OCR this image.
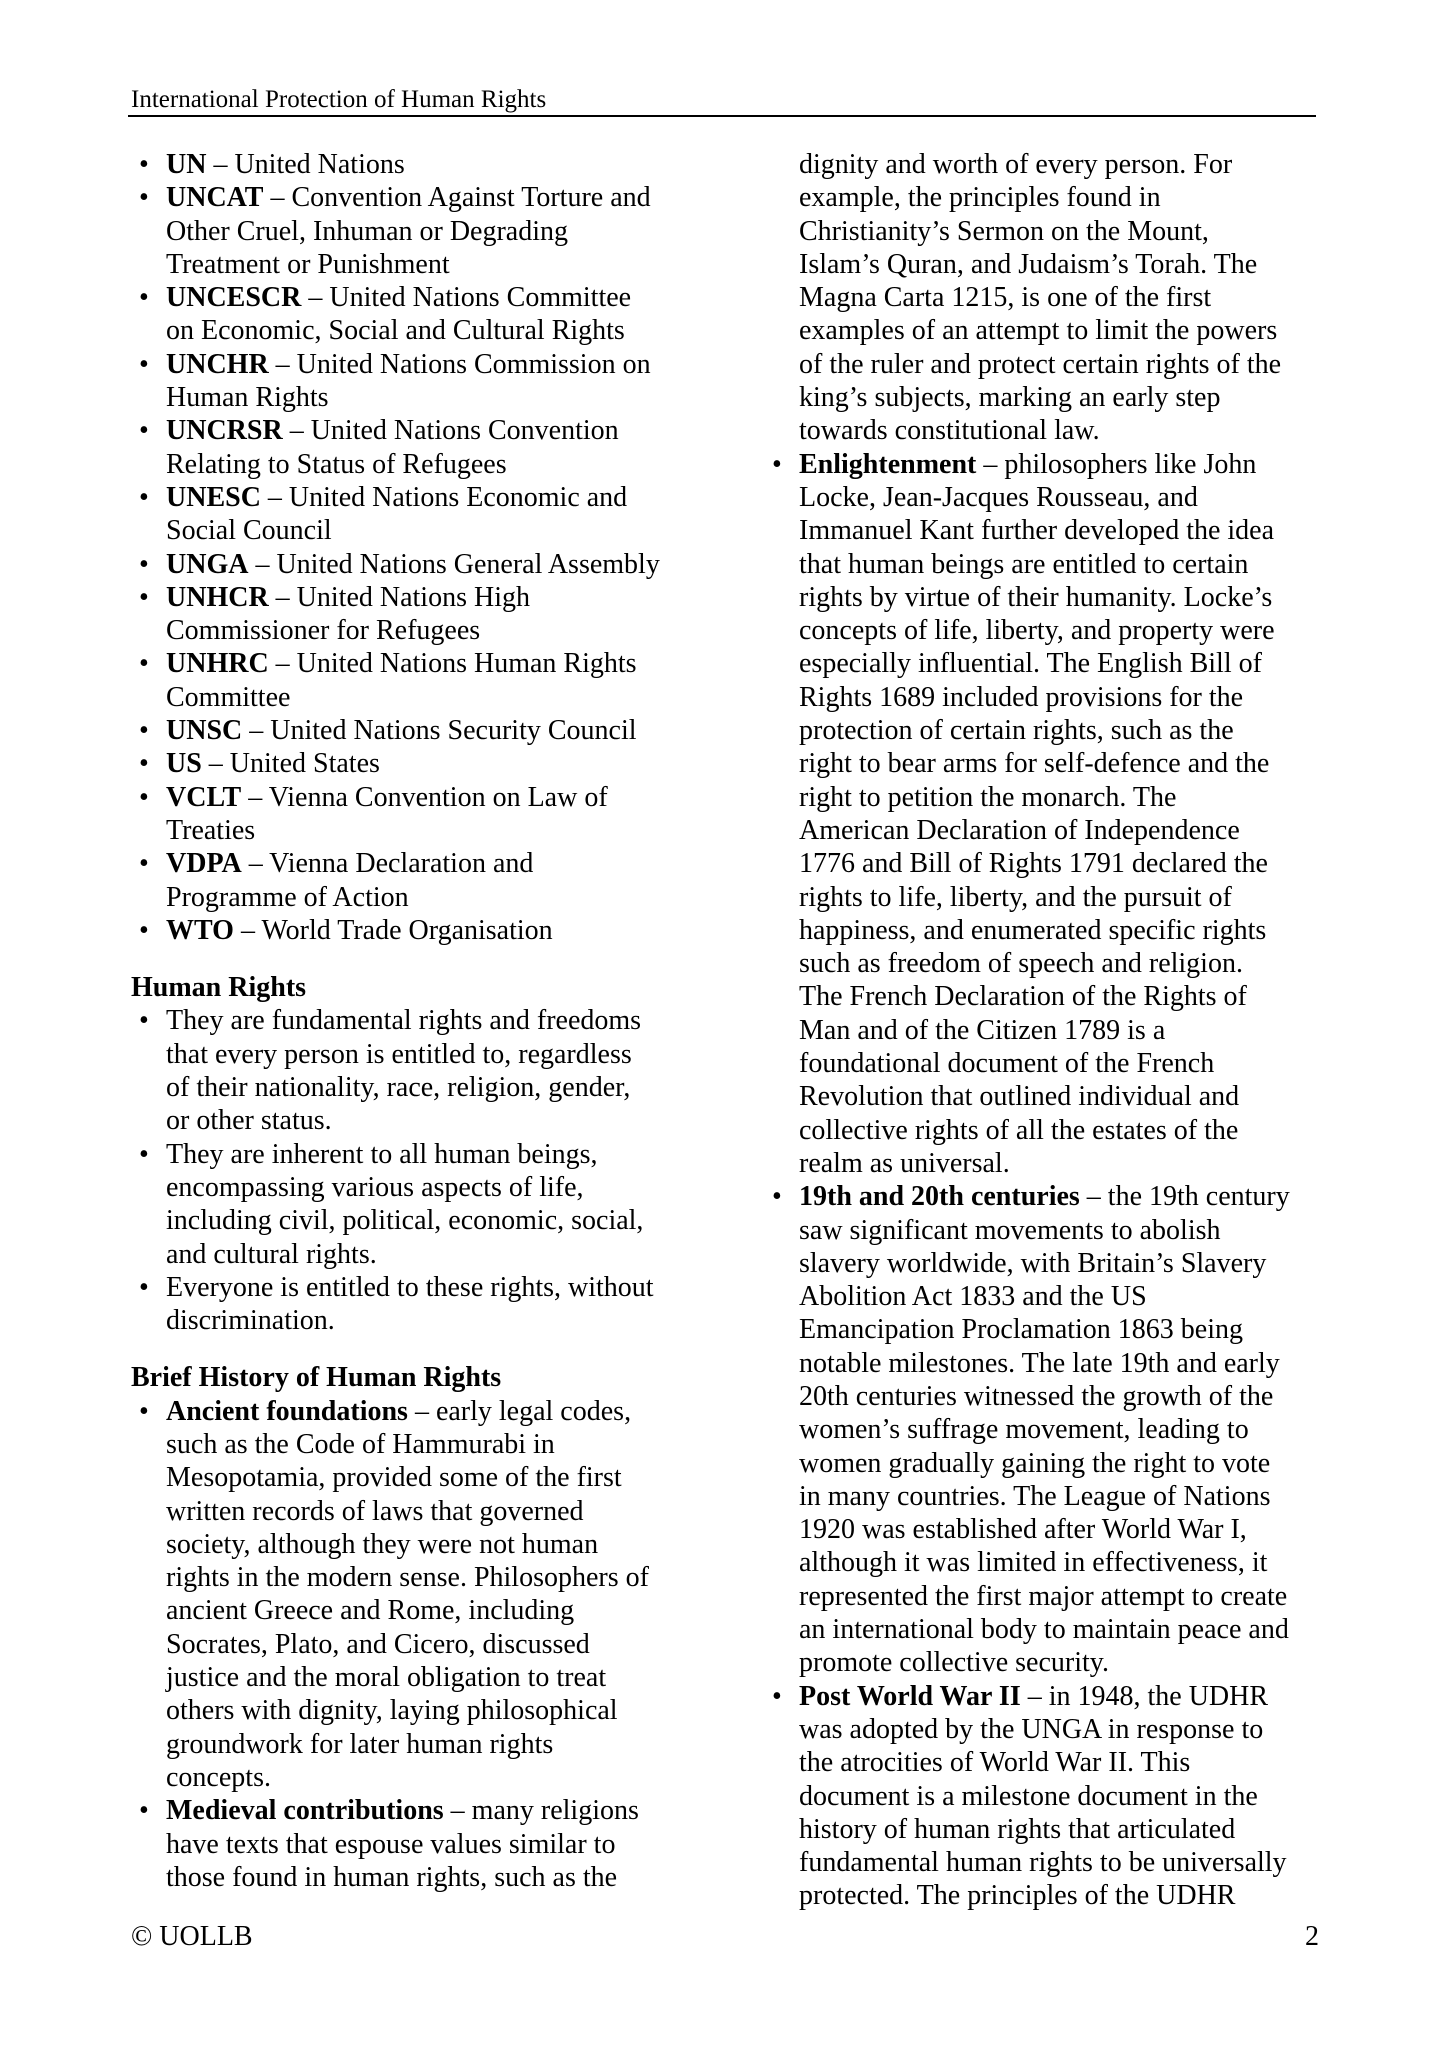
International Protection of Human Rights
• UN – United Nations
• UNCAT – Convention Against Torture and
Other Cruel, Inhuman or Degrading
Treatment or Punishment
• UNCESCR – United Nations Committee
on Economic, Social and Cultural Rights
• UNCHR – United Nations Commission on
Human Rights
• UNCRSR – United Nations Convention
Relating to Status of Refugees
• UNESC – United Nations Economic and
Social Council
• UNGA – United Nations General Assembly
• UNHCR – United Nations High
Commissioner for Refugees
• UNHRC – United Nations Human Rights
Committee
• UNSC – United Nations Security Council
• US – United States
• VCLT – Vienna Convention on Law of
Treaties
• VDPA – Vienna Declaration and
Programme of Action
• WTO – World Trade Organisation
Human Rights
• They are fundamental rights and freedoms
that every person is entitled to, regardless
of their nationality, race, religion, gender,
or other status.
• They are inherent to all human beings,
encompassing various aspects of life,
including civil, political, economic, social,
and cultural rights.
• Everyone is entitled to these rights, without
discrimination.
Brief History of Human Rights
• Ancient foundations – early legal codes,
such as the Code of Hammurabi in
Mesopotamia, provided some of the first
written records of laws that governed
society, although they were not human
rights in the modern sense. Philosophers of
ancient Greece and Rome, including
Socrates, Plato, and Cicero, discussed
justice and the moral obligation to treat
others with dignity, laying philosophical
groundwork for later human rights
concepts.
• Medieval contributions – many religions
have texts that espouse values similar to
those found in human rights, such as the
dignity and worth of every person. For
example, the principles found in
Christianity’s Sermon on the Mount,
Islam’s Quran, and Judaism’s Torah. The
Magna Carta 1215, is one of the first
examples of an attempt to limit the powers
of the ruler and protect certain rights of the
king’s subjects, marking an early step
towards constitutional law.
• Enlightenment – philosophers like John
Locke, Jean-Jacques Rousseau, and
Immanuel Kant further developed the idea
that human beings are entitled to certain
rights by virtue of their humanity. Locke’s
concepts of life, liberty, and property were
especially influential. The English Bill of
Rights 1689 included provisions for the
protection of certain rights, such as the
right to bear arms for self-defence and the
right to petition the monarch. The
American Declaration of Independence
1776 and Bill of Rights 1791 declared the
rights to life, liberty, and the pursuit of
happiness, and enumerated specific rights
such as freedom of speech and religion.
The French Declaration of the Rights of
Man and of the Citizen 1789 is a
foundational document of the French
Revolution that outlined individual and
collective rights of all the estates of the
realm as universal.
• 19th and 20th centuries – the 19th century
saw significant movements to abolish
slavery worldwide, with Britain’s Slavery
Abolition Act 1833 and the US
Emancipation Proclamation 1863 being
notable milestones. The late 19th and early
20th centuries witnessed the growth of the
women’s suffrage movement, leading to
women gradually gaining the right to vote
in many countries. The League of Nations
1920 was established after World War I,
although it was limited in effectiveness, it
represented the first major attempt to create
an international body to maintain peace and
promote collective security.
• Post World War II – in 1948, the UDHR
was adopted by the UNGA in response to
the atrocities of World War II. This
document is a milestone document in the
history of human rights that articulated
fundamental human rights to be universally
protected. The principles of the UDHR
© UOLLB	2
